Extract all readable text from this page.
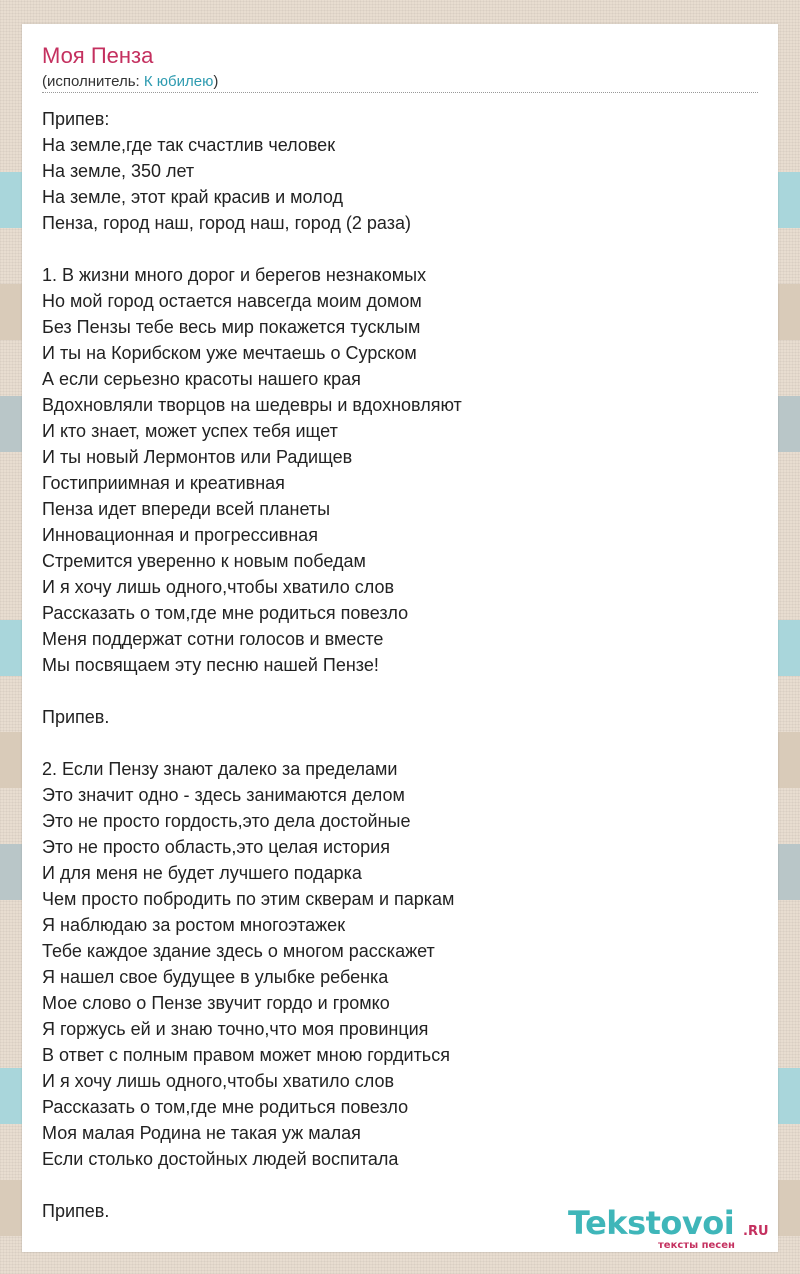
Моя Пенза
(исполнитель: К юбилею)
Припев:
На земле,где так счастлив человек
На земле, 350 лет
На земле, этот край красив и молод
Пенза, город наш, город наш, город (2 раза)
1. В жизни много дорог и берегов незнакомых
Но мой город остается навсегда моим домом
Без Пензы тебе весь мир покажется тусклым
И ты на Корибском уже мечтаешь о Сурском
А если серьезно красоты нашего края
Вдохновляли творцов на шедевры и вдохновляют
И кто знает, может успех тебя ищет
И ты новый Лермонтов или Радищев
Гостиприимная и креативная
Пенза идет впереди всей планеты
Инновационная и прогрессивная
Стремится уверенно к новым победам
И я хочу лишь одного,чтобы хватило слов
Рассказать о том,где мне родиться повезло
Меня поддержат сотни голосов и вместе
Мы посвящаем эту песню нашей Пензе!
Припев.
2. Если Пензу знают далеко за пределами
Это значит одно - здесь занимаются делом
Это не просто гордость,это дела достойные
Это не просто область,это целая история
И для меня не будет лучшего подарка
Чем просто побродить по этим скверам и паркам
Я наблюдаю за ростом многоэтажек
Тебе каждое здание здесь о многом расскажет
Я нашел свое будущее в улыбке ребенка
Мое слово о Пензе звучит гордо и громко
Я горжусь ей и знаю точно,что моя провинция
В ответ с полным правом может мною гордиться
И я хочу лишь одного,чтобы хватило слов
Рассказать о том,где мне родиться повезло
Моя малая Родина не такая уж малая
Если столько достойных людей воспитала
Припев.	Tekstovoi .RU
тексты песен
